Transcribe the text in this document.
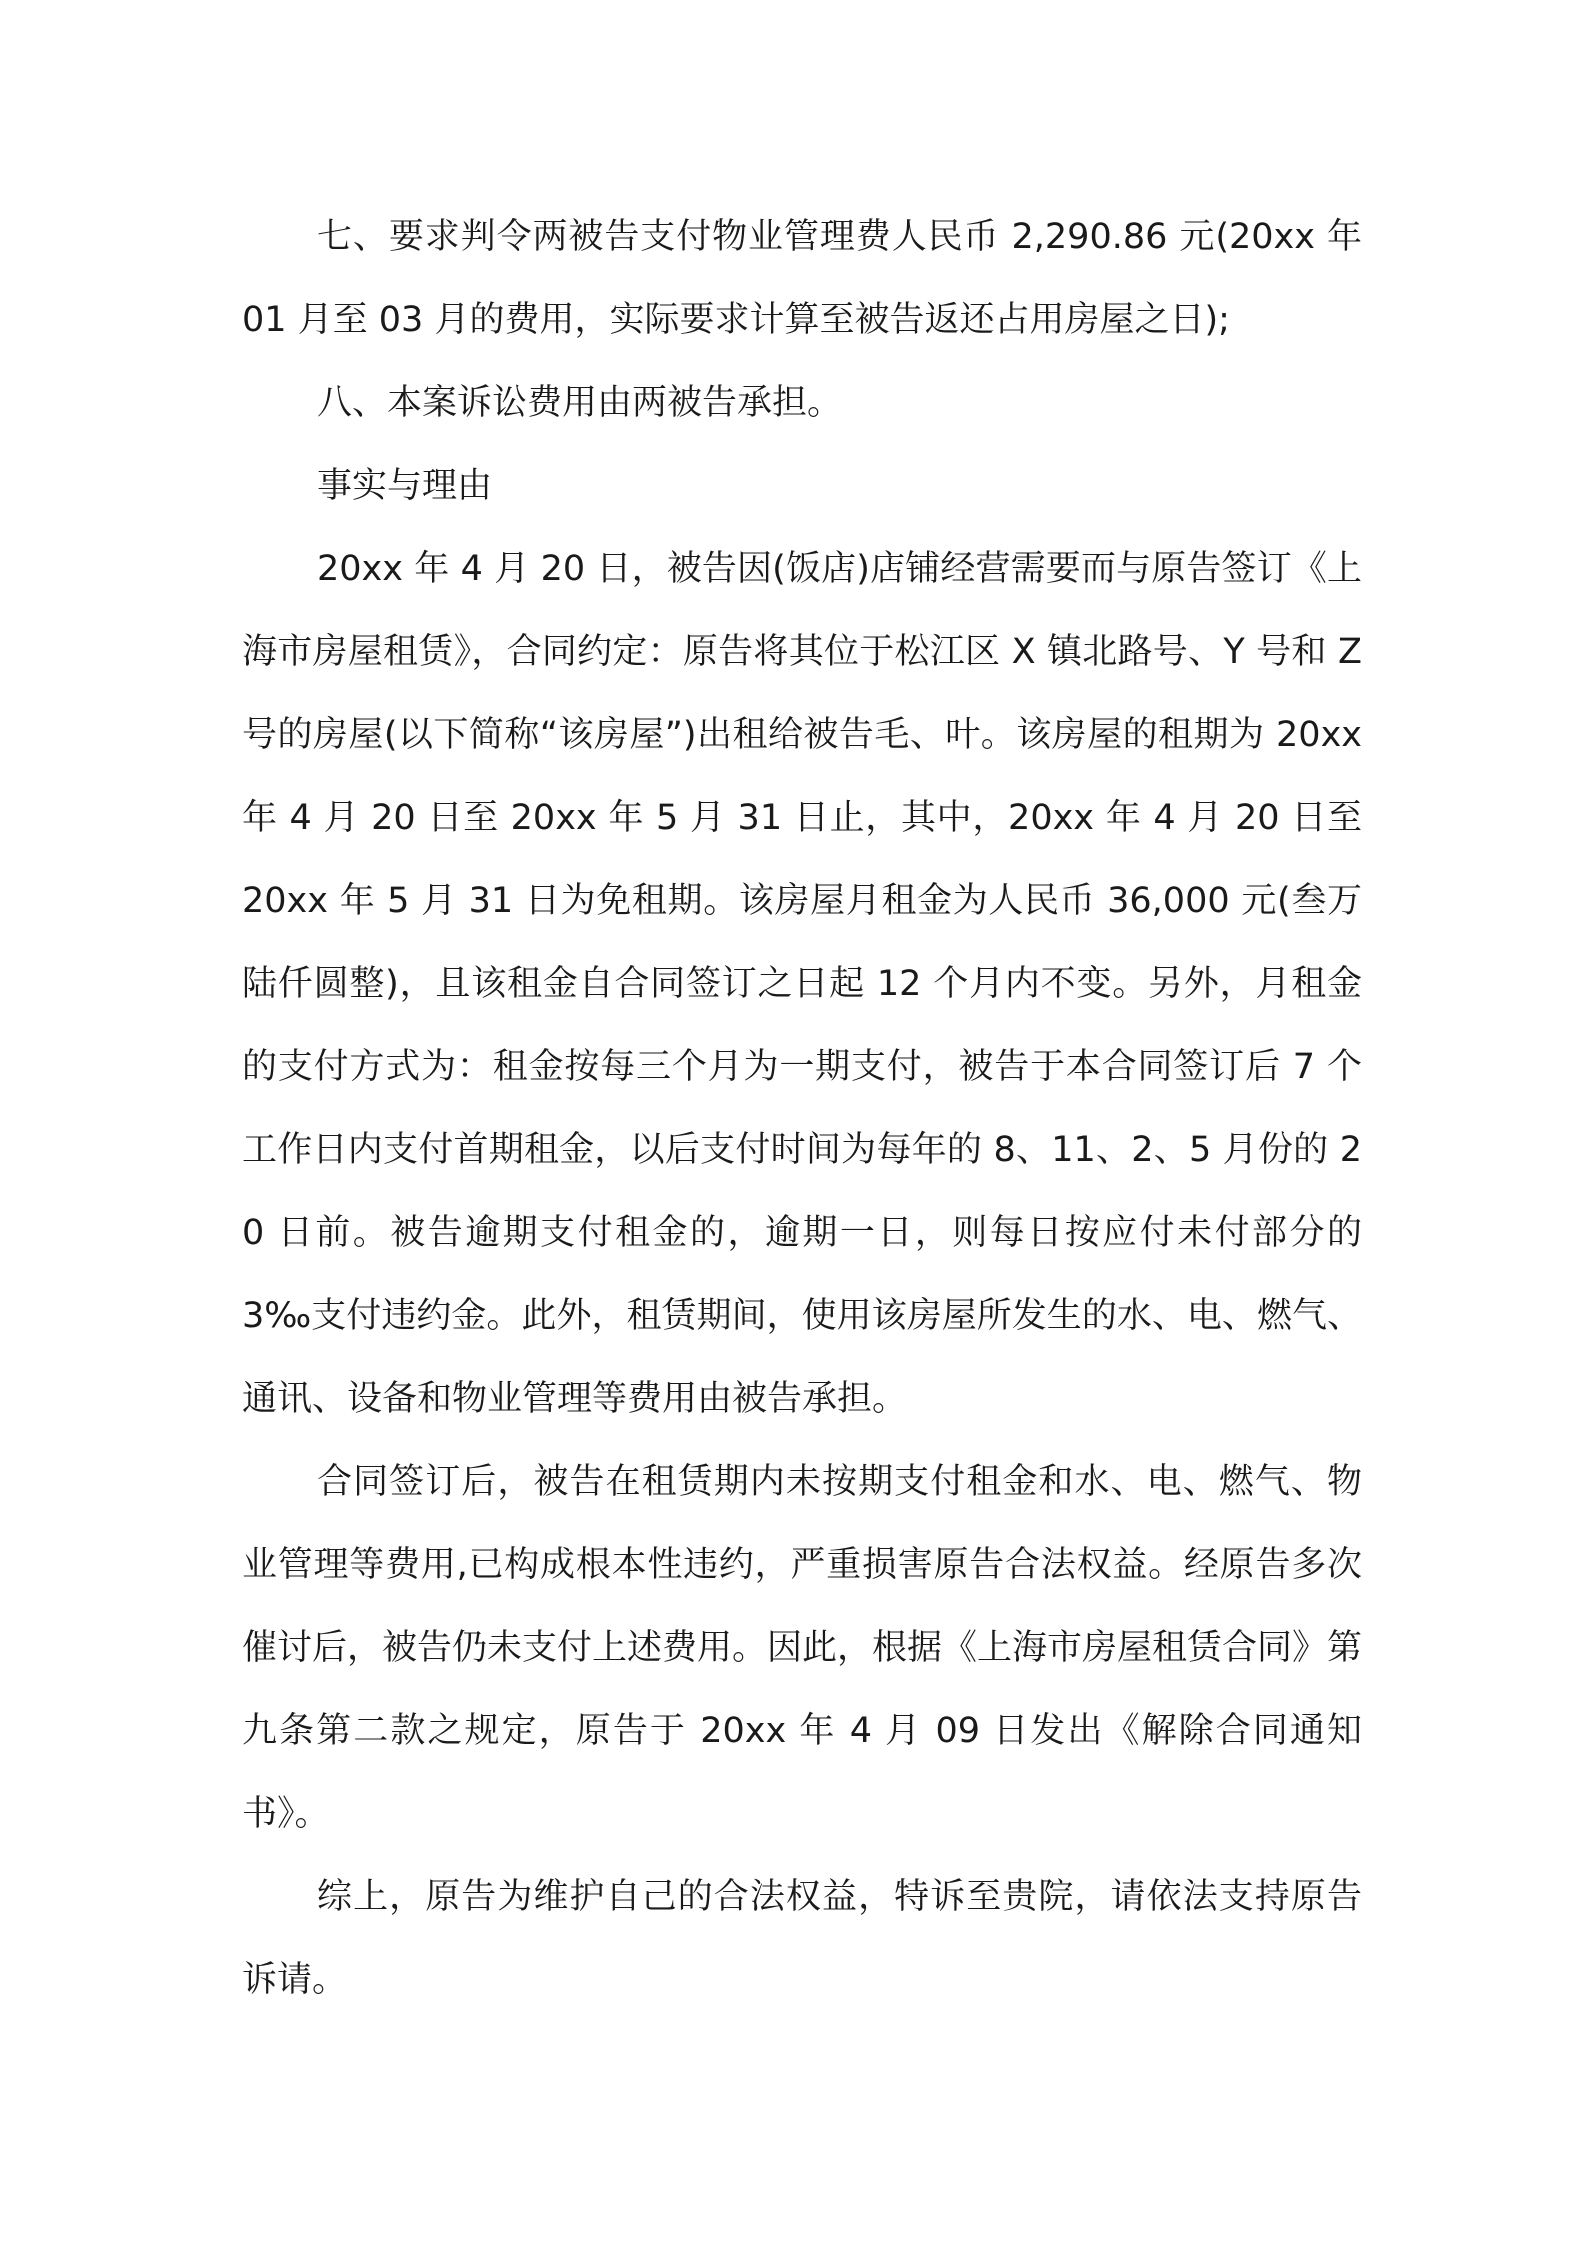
七、要求判令两被告支付物业管理费人民币 2,290.86 元(20xx 年 01 月至 03 月的费用，实际要求计算至被告返还占用房屋之日);

八、本案诉讼费用由两被告承担。

事实与理由

20xx 年 4 月 20 日，被告因(饭店)店铺经营需要而与原告签订《上海市房屋租赁》，合同约定：原告将其位于松江区 X 镇北路号、Y 号和 Z 号的房屋(以下简称“该房屋”)出租给被告毛、叶。该房屋的租期为 20xx 年 4 月 20 日至 20xx 年 5 月 31 日止，其中，20xx 年 4 月 20 日至 20xx 年 5 月 31 日为免租期。该房屋月租金为人民币 36,000 元(叁万陆仟圆整)，且该租金自合同签订之日起 12 个月内不变。另外，月租金的支付方式为：租金按每三个月为一期支付，被告于本合同签订后 7 个工作日内支付首期租金，以后支付时间为每年的 8、11、2、5 月份的 20 日前。被告逾期支付租金的，逾期一日，则每日按应付未付部分的 3‰支付违约金。此外，租赁期间，使用该房屋所发生的水、电、燃气、通讯、设备和物业管理等费用由被告承担。

合同签订后，被告在租赁期内未按期支付租金和水、电、燃气、物业管理等费用,已构成根本性违约，严重损害原告合法权益。经原告多次催讨后，被告仍未支付上述费用。因此，根据《上海市房屋租赁合同》第九条第二款之规定，原告于 20xx 年 4 月 09 日发出《解除合同通知书》。

综上，原告为维护自己的合法权益，特诉至贵院，请依法支持原告诉请。
